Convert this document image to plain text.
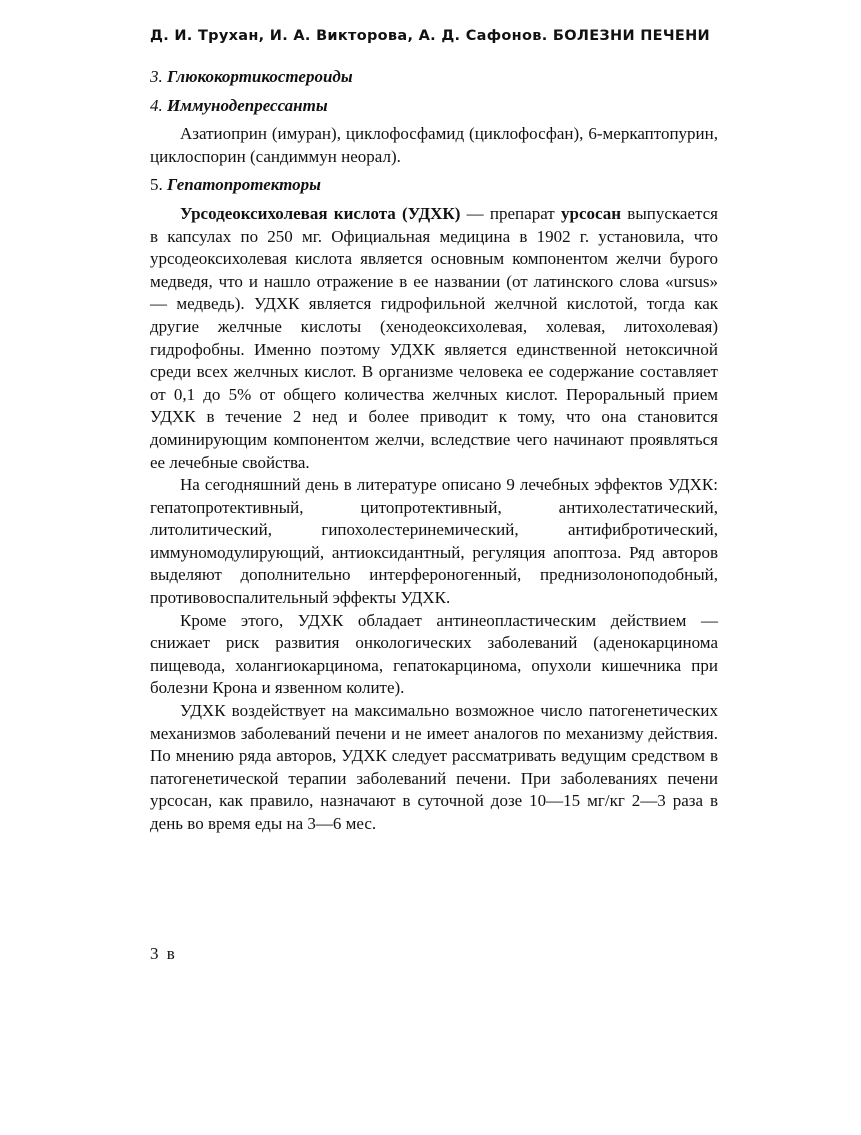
Д. И. Трухан, И. А. Викторова, А. Д. Сафонов. БОЛЕЗНИ ПЕЧЕНИ

3. Глюкокортикостероиды

4. Иммунодепрессанты

Азатиоприн (имуран), циклофосфамид (циклофосфан), 6-меркаптопурин, циклоспорин (сандиммун неорал).

5. Гепатопротекторы

Урсодеоксихолевая кислота (УДХК) — препарат урсосан выпускается в капсулах по 250 мг. Официальная медицина в 1902 г. установила, что урсодеоксихолевая кислота является основным компонентом желчи бурого медведя, что и нашло отражение в ее названии (от латинского слова «ursus» — медведь). УДХК является гидрофильной желчной кислотой, тогда как другие желчные кислоты (хенодеоксихолевая, холевая, литохолевая) гидрофобны. Именно поэтому УДХК является единственной нетоксичной среди всех желчных кислот. В организме человека ее содержание составляет от 0,1 до 5% от общего количества желчных кислот. Пероральный прием УДХК в течение 2 нед и более приводит к тому, что она становится доминирующим компонентом желчи, вследствие чего начинают проявляться ее лечебные свойства.

На сегодняшний день в литературе описано 9 лечебных эффектов УДХК: гепатопротективный, цитопротективный, антихолестатический, литолитический, гипохолестеринемический, антифибротический, иммуномодулирующий, антиоксидантный, регуляция апоптоза. Ряд авторов выделяют дополнительно интерфероногенный, преднизолоноподобный, противовоспалительный эффекты УДХК.

Кроме этого, УДХК обладает антинеопластическим действием — снижает риск развития онкологических заболеваний (аденокарцинома пищевода, холангиокарцинома, гепатокарцинома, опухоли кишечника при болезни Крона и язвенном колите).

УДХК воздействует на максимально возможное число патогенетических механизмов заболеваний печени и не имеет аналогов по механизму действия. По мнению ряда авторов, УДХК следует рассматривать ведущим средством в патогенетической терапии заболеваний печени. При заболеваниях печени урсосан, как правило, назначают в суточной дозе 10—15 мг/кг 2—3 раза в день во время еды на 3—6 мес.

3 в
